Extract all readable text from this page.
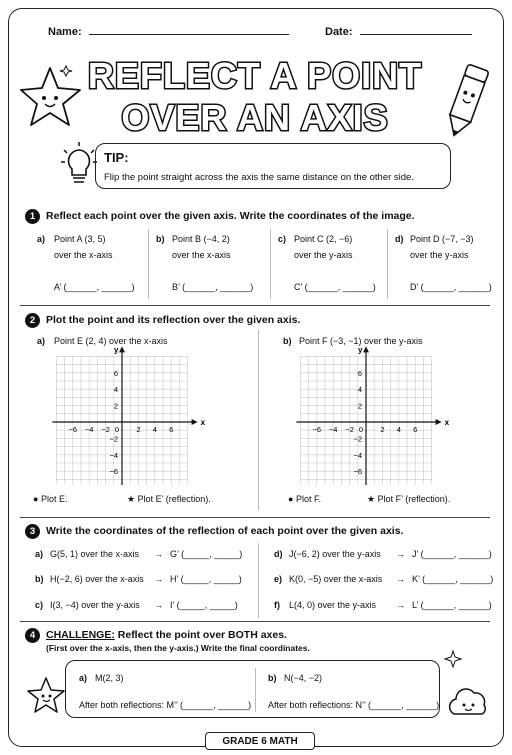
Name:	Date:
REFLECT A POINT
OVER AN AXIS
TIP:
Flip the point straight across the axis the same distance on the other side.
1	Reflect each point over the given axis. Write the coordinates of the image.
a) Point A (3, 5)
over the x-axis
A’ (______, ______)
b) Point B (−4, 2)
over the x-axis
B’ (______, ______)
c) Point C (2, −6)
over the y-axis
C’ (______, ______)
d) Point D (−7, −3)
over the y-axis
D’ (______, ______)
2	Plot the point and its reflection over the given axis.
a) Point E (2, 4) over the x-axis
x
y
−6 −4 −2 0 2 4 6
6
4
2
−2
−4
−6
● Plot E.	★ Plot E’ (reflection).
b) Point F (−3, −1) over the y-axis
x
y
−6 −4 −2 0 2 4 6
6
4
2
−2
−4
−6
● Plot F.	★ Plot F’ (reflection).
3	Write the coordinates of the reflection of each point over the given axis.
a) G(5, 1) over the x-axis → G’ (_____, _____)
b) H(−2, 6) over the x-axis → H’ (_____, _____)
c) I(3, −4) over the y-axis → I’ (_____, _____)
d) J(−6, 2) over the y-axis → J’ (______, ______)
e) K(0, −5) over the x-axis → K’ (______, ______)
f) L(4, 0) over the y-axis → L’ (______, ______)
4	CHALLENGE: Reflect the point over BOTH axes.
(First over the x-axis, then the y-axis.) Write the final coordinates.
a) M(2, 3)
After both reflections: M’’ (______, ______)
b) N(−4, −2)
After both reflections: N’’ (______, ______)
GRADE 6 MATH
